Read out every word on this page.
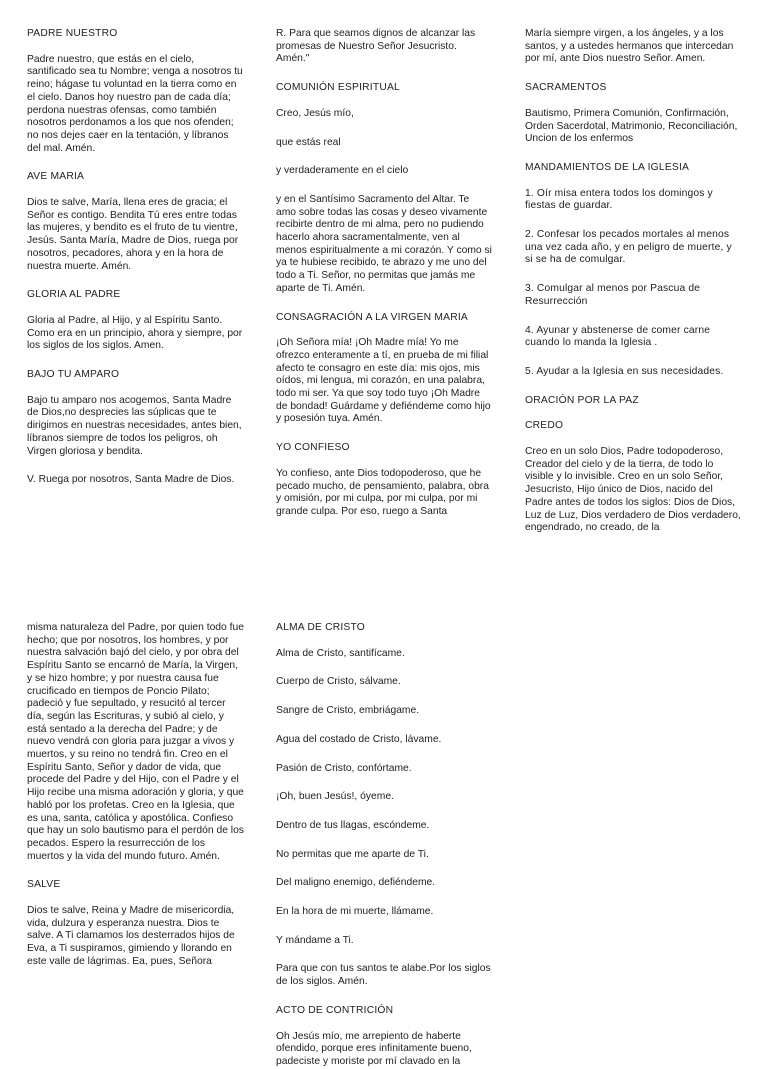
PADRE NUESTRO

Padre nuestro, que estás en el cielo, santificado sea tu Nombre; venga a nosotros tu reino; hágase tu voluntad en la tierra como en el cielo. Danos hoy nuestro pan de cada día; perdona nuestras ofensas, como también nosotros perdonamos a los que nos ofenden; no nos dejes caer en la tentación, y líbranos del mal. Amén.

AVE MARIA

Dios te salve, María, llena eres de gracia; el Señor es contigo. Bendita Tú eres entre todas las mujeres, y bendito es el fruto de tu vientre, Jesús. Santa María, Madre de Dios, ruega por nosotros, pecadores, ahora y en la hora de nuestra muerte. Amén.

GLORIA AL PADRE

Gloria al Padre, al Hijo, y al Espíritu Santo. Como era en un principio, ahora y siempre, por los siglos de los siglos. Amen.

BAJO TU AMPARO

Bajo tu amparo nos acogemos, Santa Madre de Dios,no desprecies las súplicas que te dirigimos en nuestras necesidades, antes bien, líbranos siempre de todos los peligros, oh Virgen gloriosa y bendita.

V. Ruega por nosotros, Santa Madre de Dios.

R. Para que seamos dignos de alcanzar las promesas de Nuestro Señor Jesucristo. Amén."

COMUNIÓN ESPIRITUAL

Creo, Jesús mío,

que estás real

y verdaderamente en el cielo

y en el Santísimo Sacramento del Altar. Te amo sobre todas las cosas y deseo vivamente recibirte dentro de mi alma, pero no pudiendo hacerlo ahora sacramentalmente, ven al menos espiritualmente a mi corazón. Y como si ya te hubiese recibido, te abrazo y me uno del todo a Ti. Señor, no permitas que jamás me aparte de Ti. Amén.

CONSAGRACIÓN A LA VIRGEN MARIA

¡Oh Señora mía! ¡Oh Madre mía! Yo me ofrezco enteramente a tí, en prueba de mi filial afecto te consagro en este día: mis ojos, mis oídos, mi lengua, mi corazón, en una palabra, todo mi ser. Ya que soy todo tuyo ¡Oh Madre de bondad! Guárdame y defiéndeme como hijo y posesión tuya. Amén.

YO CONFIESO

Yo confieso, ante Dios todopoderoso, que he pecado mucho, de pensamiento, palabra, obra y omisión, por mi culpa, por mi culpa, por mi grande culpa. Por eso, ruego a Santa

María siempre virgen, a los ángeles, y a los santos, y a ustedes hermanos que intercedan por mí, ante Dios nuestro Señor. Amen.

SACRAMENTOS

Bautismo, Primera Comunión, Confirmación, Orden Sacerdotal, Matrimonio, Reconciliación, Uncion de los enfermos

MANDAMIENTOS DE LA IGLESIA

1. Oír misa entera todos los domingos y fiestas de guardar.

2. Confesar los pecados mortales al menos una vez cada año, y en peligro de muerte, y si se ha de comulgar.

3. Comulgar al menos por Pascua de Resurrección

4. Ayunar y abstenerse de comer carne cuando lo manda la Iglesia .

5. Ayudar a la Iglesia en sus necesidades.

ORACIÓN POR LA PAZ
CREDO

Creo en un solo Dios, Padre todopoderoso, Creador del cielo y de la tierra, de todo lo visible y lo invisible. Creo en un solo Señor, Jesucristo, Hijo único de Dios, nacido del Padre antes de todos los siglos: Dios de Dios, Luz de Luz, Dios verdadero de Dios verdadero, engendrado, no creado, de la

misma naturaleza del Padre, por quien todo fue hecho; que por nosotros, los hombres, y por nuestra salvación bajó del cielo, y por obra del Espíritu Santo se encarnó de María, la Virgen, y se hizo hombre; y por nuestra causa fue crucificado en tiempos de Poncio Pilato; padeció y fue sepultado, y resucitó al tercer día, según las Escrituras, y subió al cielo, y está sentado a la derecha del Padre; y de nuevo vendrá con gloria para juzgar a vivos y muertos, y su reino no tendrá fin. Creo en el Espíritu Santo, Señor y dador de vida, que procede del Padre y del Hijo, con el Padre y el Hijo recibe una misma adoración y gloria, y que habló por los profetas. Creo en la Iglesia, que es una, santa, católica y apostólica. Confieso que hay un solo bautismo para el perdón de los pecados. Espero la resurrección de los muertos y la vida del mundo futuro. Amén.

SALVE

Dios te salve, Reina y Madre de misericordia, vida, dulzura y esperanza nuestra. Dios te salve. A Ti clamamos los desterrados hijos de Eva, a Ti suspiramos, gimiendo y llorando en este valle de lágrimas. Ea, pues, Señora

ALMA DE CRISTO

Alma de Cristo, santifícame.

Cuerpo de Cristo, sálvame.

Sangre de Cristo, embriágame.

Agua del costado de Cristo, lávame.

Pasión de Cristo, confórtame.

¡Oh, buen Jesús!, óyeme.

Dentro de tus llagas, escóndeme.

No permitas que me aparte de Ti.

Del maligno enemigo, defiéndeme.

En la hora de mi muerte, llámame.

Y mándame a Ti.

Para que con tus santos te alabe.Por los siglos de los siglos. Amén.

ACTO DE CONTRICIÓN

Oh Jesús mío, me arrepiento de haberte ofendido, porque eres infinitamente bueno, padeciste y moriste por mí clavado en la
